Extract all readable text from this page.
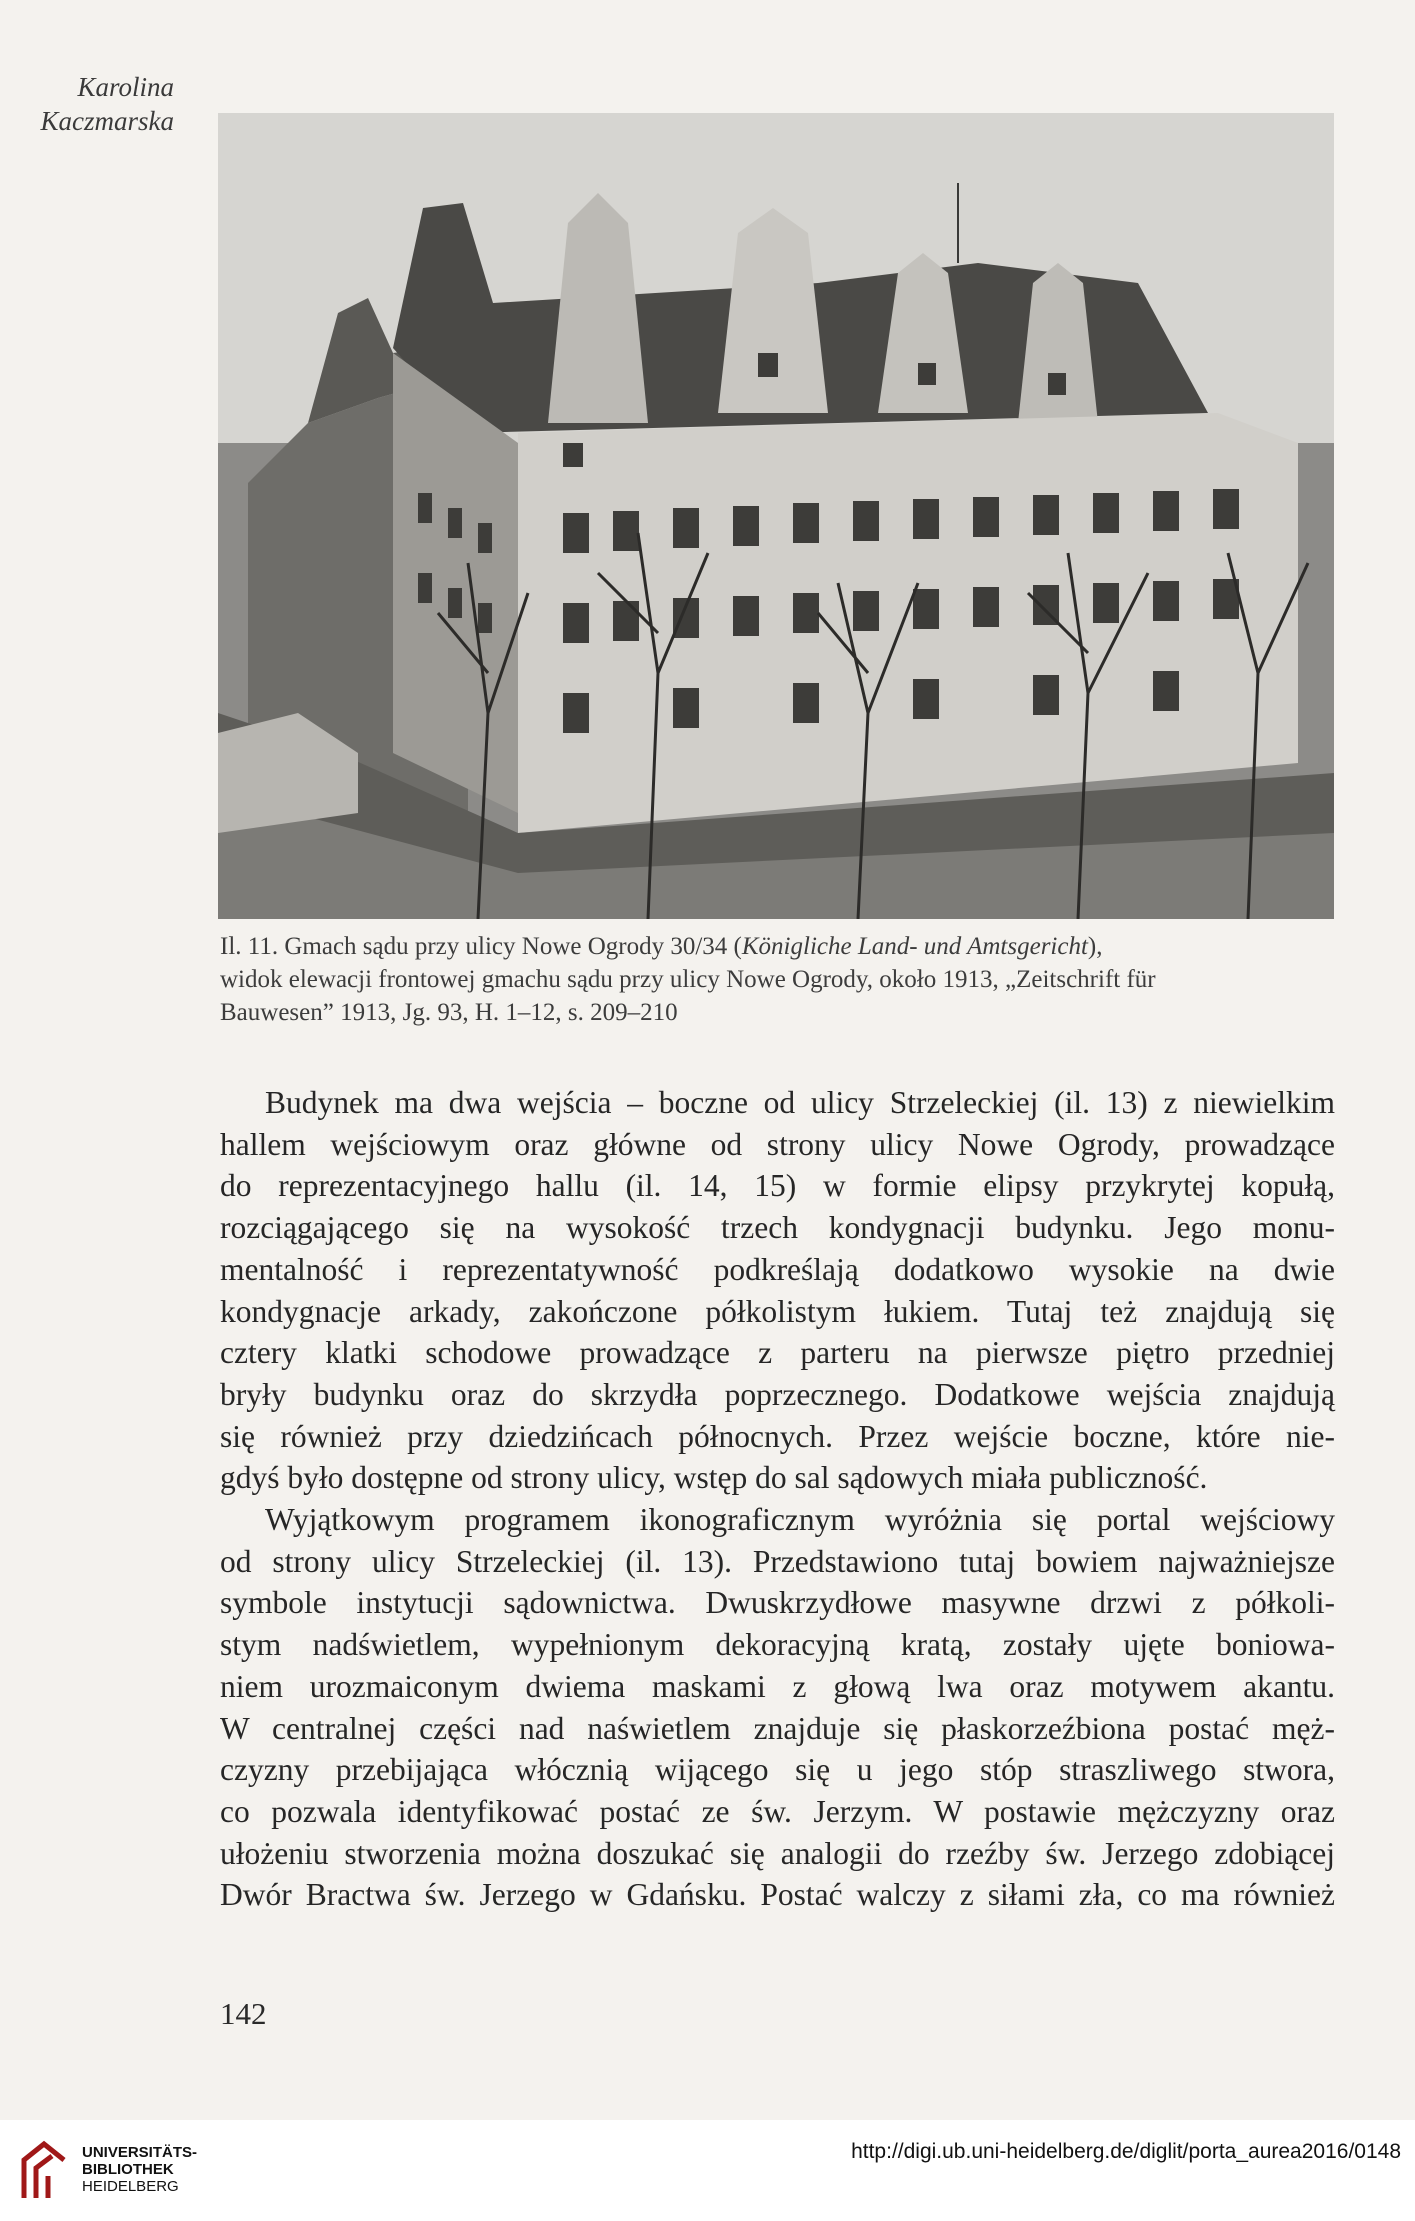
Karolina
Kaczmarska

Il. 11. Gmach sądu przy ulicy Nowe Ogrody 30/34 (Königliche Land- und Amtsgericht),

widok elewacji frontowej gmachu sądu przy ulicy Nowe Ogrody, około 1913, „Zeitschrift für

Bauwesen” 1913, Jg. 93, H. 1–12, s. 209–210

Budynek ma dwa wejścia – boczne od ulicy Strzeleckiej (il. 13) z niewielkim
hallem wejściowym oraz główne od strony ulicy Nowe Ogrody, prowadzące
do reprezentacyjnego hallu (il. 14, 15) w formie elipsy przykrytej kopułą,
rozciągającego się na wysokość trzech kondygnacji budynku. Jego monu-
mentalność i reprezentatywność podkreślają dodatkowo wysokie na dwie
kondygnacje arkady, zakończone półkolistym łukiem. Tutaj też znajdują się
cztery klatki schodowe prowadzące z parteru na pierwsze piętro przedniej
bryły budynku oraz do skrzydła poprzecznego. Dodatkowe wejścia znajdują
się również przy dziedzińcach północnych. Przez wejście boczne, które nie-
gdyś było dostępne od strony ulicy, wstęp do sal sądowych miała publiczność.
Wyjątkowym programem ikonograficznym wyróżnia się portal wejściowy
od strony ulicy Strzeleckiej (il. 13). Przedstawiono tutaj bowiem najważniejsze
symbole instytucji sądownictwa. Dwuskrzydłowe masywne drzwi z półkoli-
stym nadświetlem, wypełnionym dekoracyjną kratą, zostały ujęte boniowa-
niem urozmaiconym dwiema maskami z głową lwa oraz motywem akantu.
W centralnej części nad naświetlem znajduje się płaskorzeźbiona postać męż-
czyzny przebijająca włócznią wijącego się u jego stóp straszliwego stwora,
co pozwala identyfikować postać ze św. Jerzym. W postawie mężczyzny oraz
ułożeniu stworzenia można doszukać się analogii do rzeźby św. Jerzego zdobiącej
Dwór Bractwa św. Jerzego w Gdańsku. Postać walczy z siłami zła, co ma również
142
UNIVERSITÄTS-
BIBLIOTHEK
HEIDELBERG
http://digi.ub.uni-heidelberg.de/diglit/porta_aurea2016/0148
